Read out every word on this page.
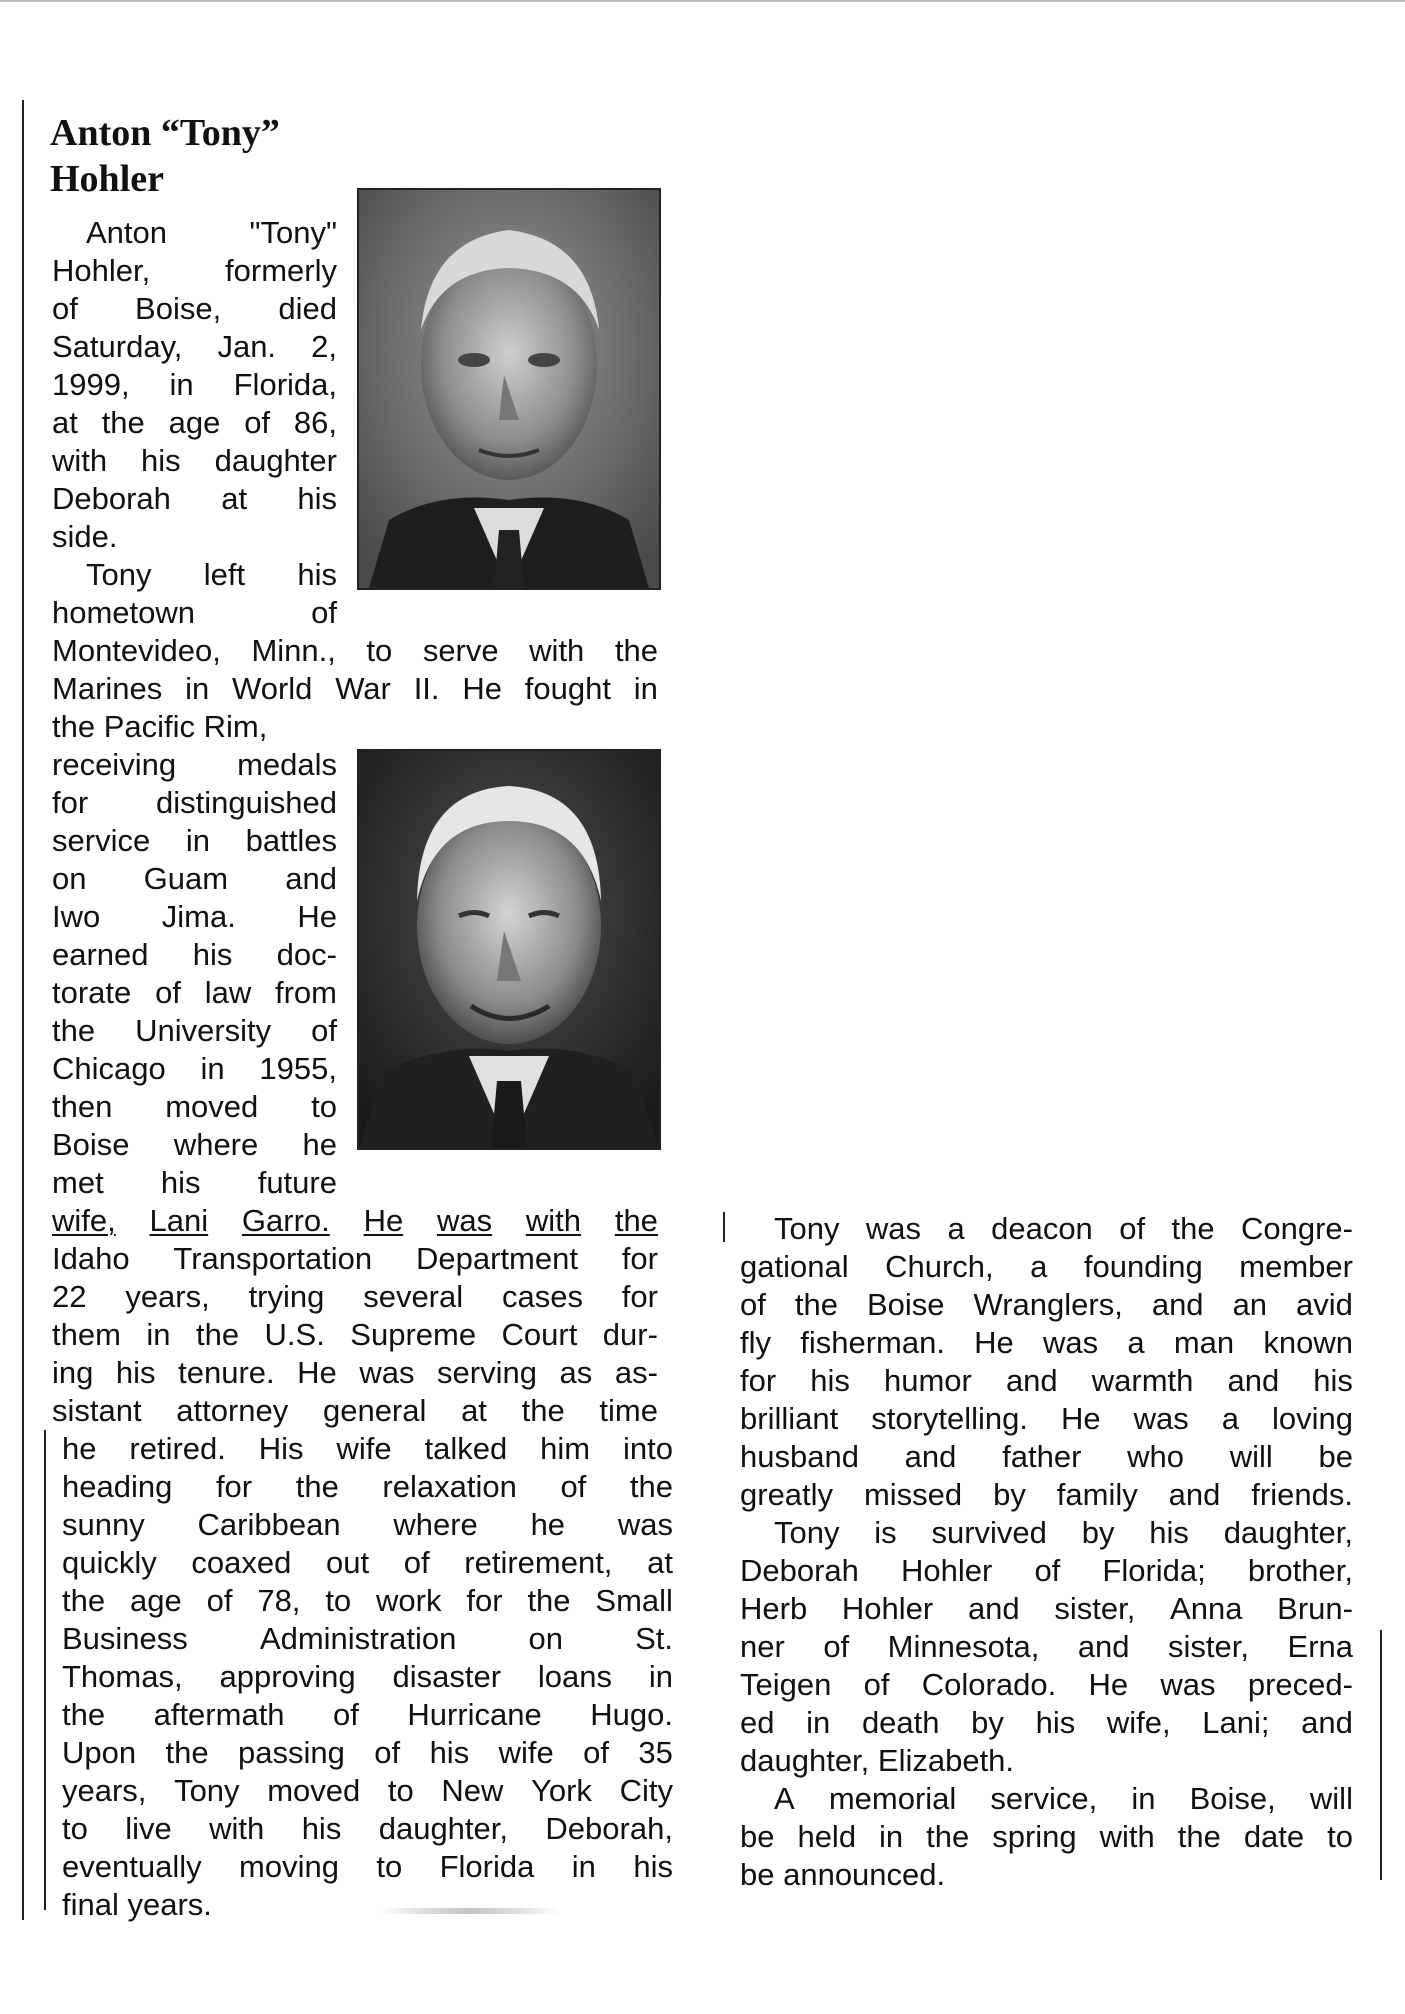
Anton “Tony”
Hohler
Anton	"Tony"
Hohler, formerly
of Boise, died
Saturday, Jan. 2,
1999, in Florida,
at the age of 86,
with his daughter
Deborah at his
side.
Tony left his
hometown	of
Montevideo, Minn., to serve with the
Marines in World War II. He fought in
the Pacific Rim,
receiving medals
for distinguished
service in battles
on Guam and
Iwo Jima. He
earned his doc-
torate of law from
the University of
Chicago in 1955,
then moved to
Boise where he
met his future
wife, Lani Garro. He was with the
Idaho Transportation Department for
22 years, trying several cases for
them in the U.S. Supreme Court dur-
ing his tenure. He was serving as as-
sistant attorney general at the time
he retired. His wife talked him into
heading for the relaxation of the
sunny Caribbean where he was
quickly coaxed out of retirement, at
the age of 78, to work for the Small
Business Administration on St.
Thomas, approving disaster loans in
the aftermath of Hurricane Hugo.
Upon the passing of his wife of 35
years, Tony moved to New York City
to live with his daughter, Deborah,
eventually moving to Florida in his
final years.
Tony was a deacon of the Congre-
gational Church, a founding member
of the Boise Wranglers, and an avid
fly fisherman. He was a man known
for his humor and warmth and his
brilliant storytelling. He was a loving
husband and father who will be
greatly missed by family and friends.
Tony is survived by his daughter,
Deborah Hohler of Florida; brother,
Herb Hohler and sister, Anna Brun-
ner of Minnesota, and sister, Erna
Teigen of Colorado. He was preced-
ed in death by his wife, Lani; and
daughter, Elizabeth.
A memorial service, in Boise, will
be held in the spring with the date to
be announced.
